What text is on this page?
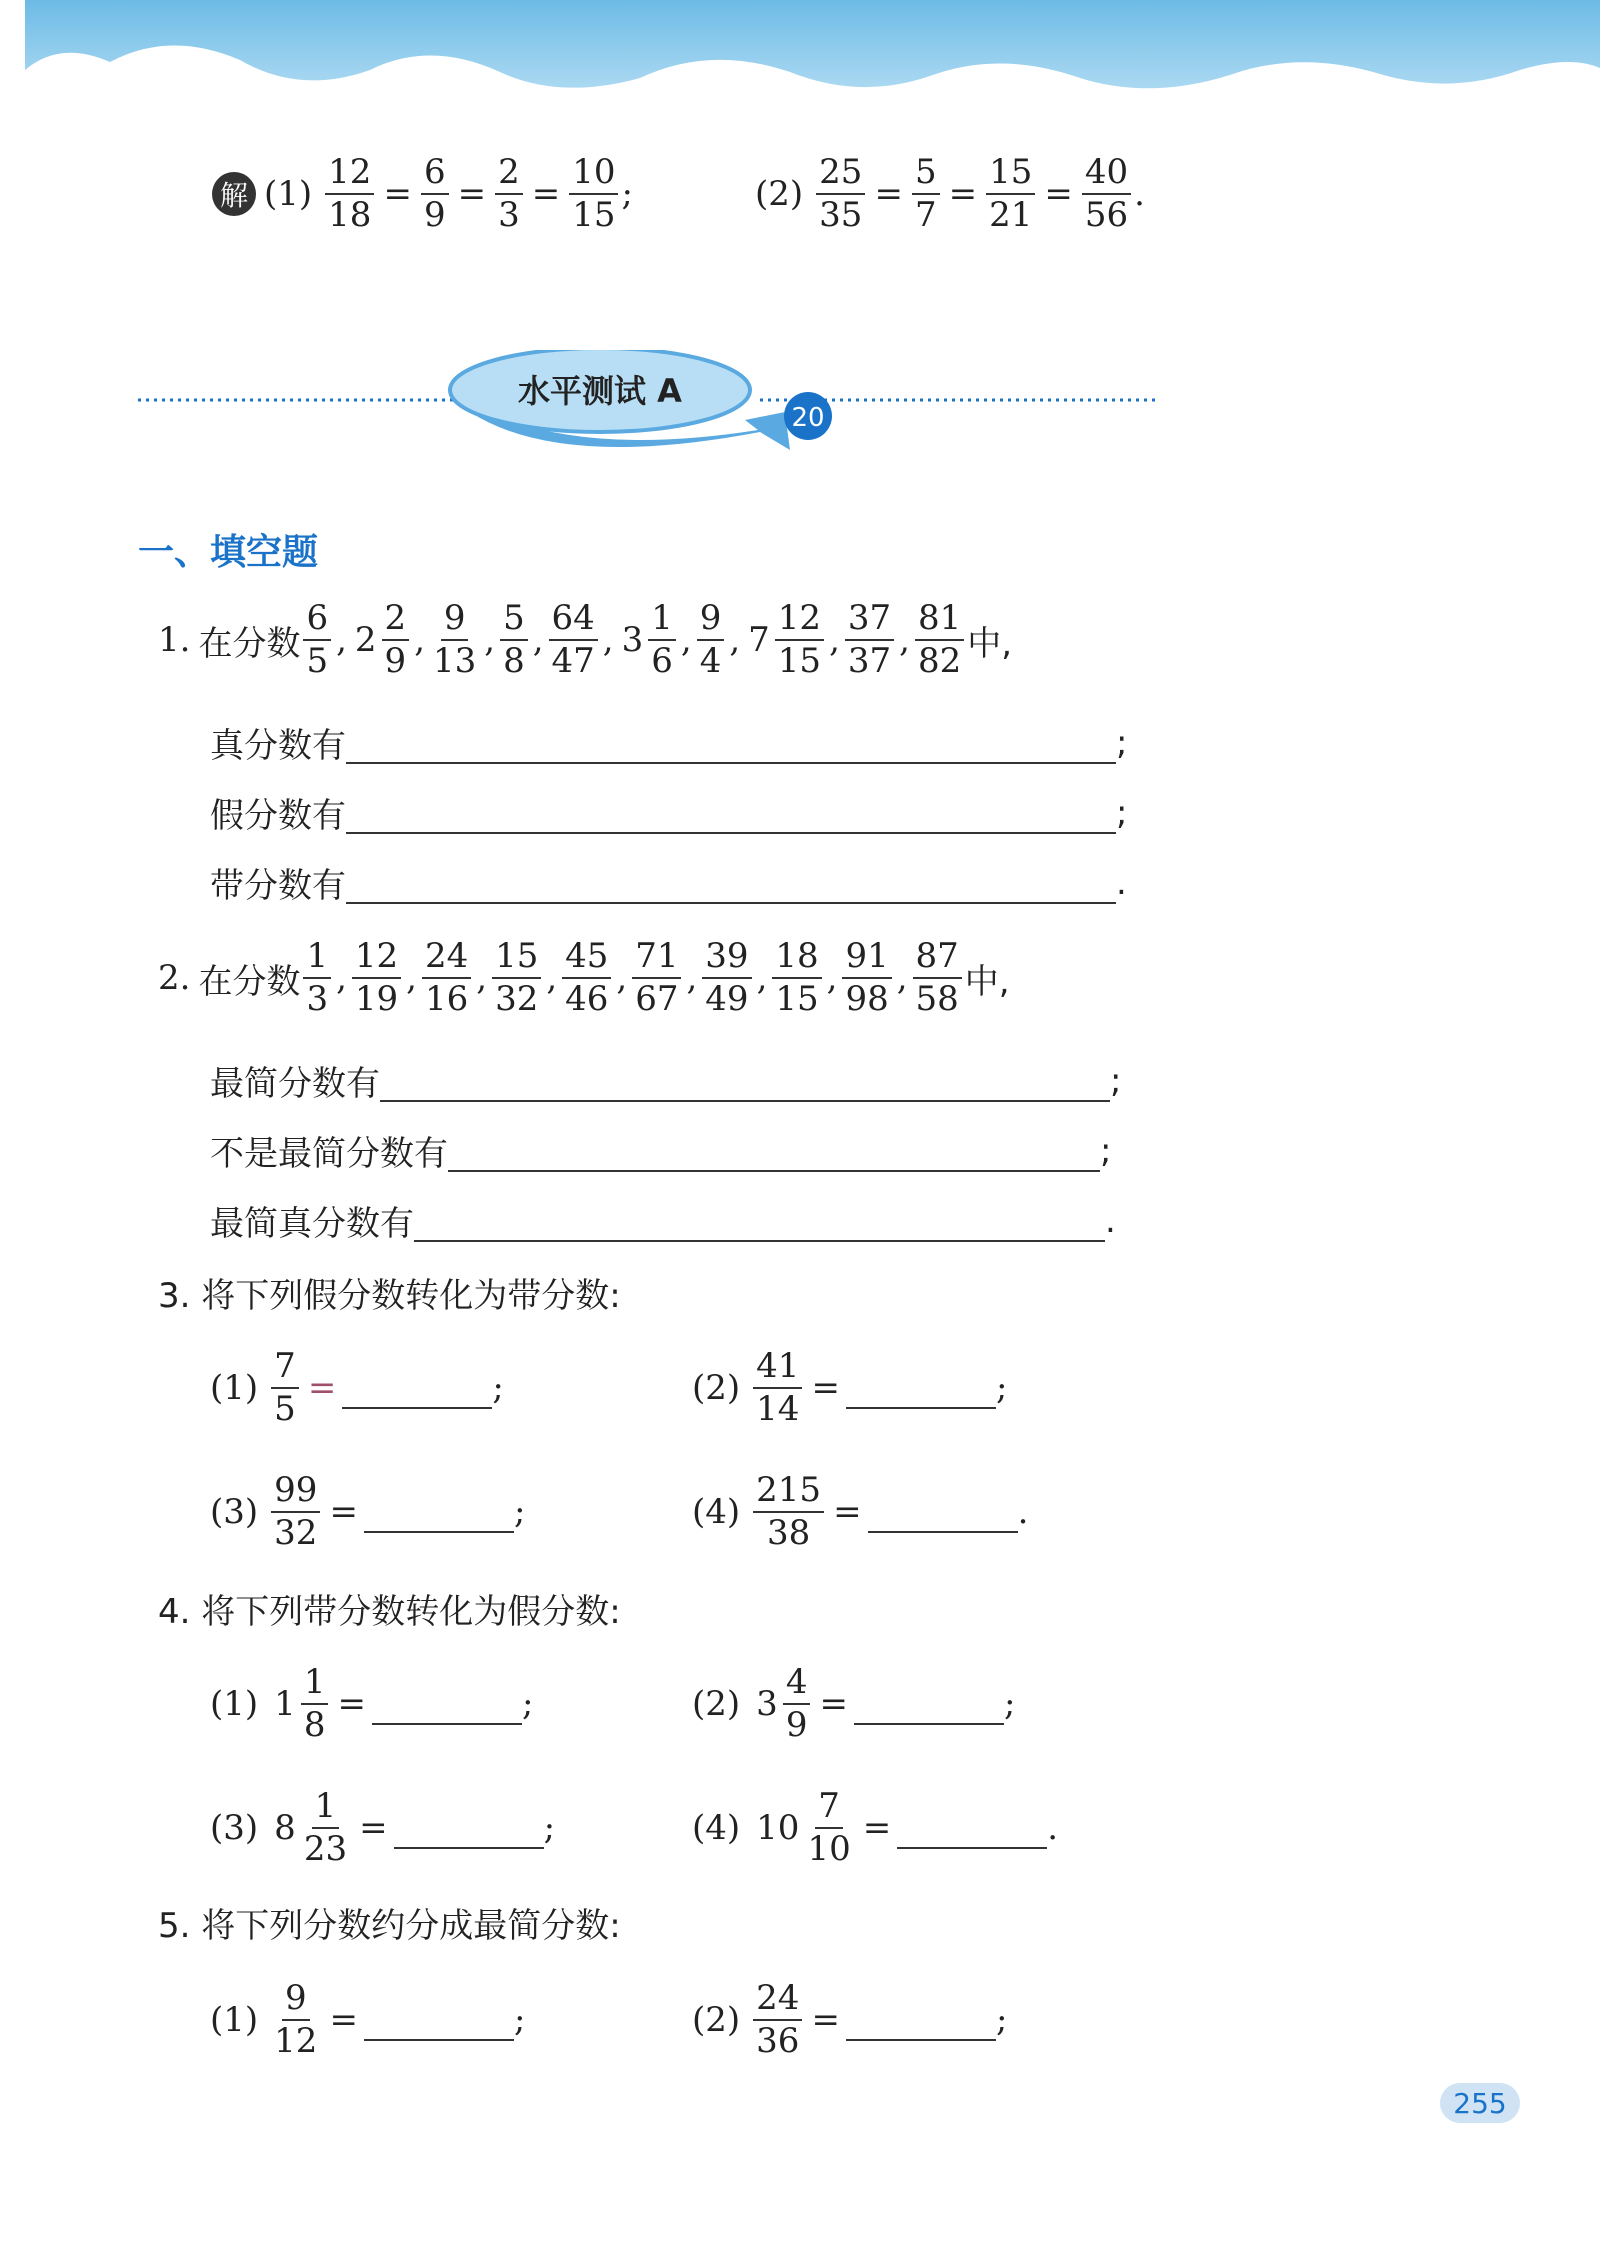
解 $(1) \frac{12}{18} = \frac{6}{9} = \frac{2}{3} = \frac{10}{15}$ ;	$(2) \frac{25}{35} = \frac{5}{7} = \frac{15}{21} = \frac{40}{56}$ .
水平测试 A
20
一、填空题
1. 在分数 $\frac{6}{5}$ , $2 \frac{2}{9}$ , $\frac{9}{13}$ , $\frac{5}{8}$ , $\frac{64}{47}$ , $3 \frac{1}{6}$ , $\frac{9}{4}$ , $7 \frac{12}{15}$ , $\frac{37}{37}$ , $\frac{81}{82}$ 中,
真分数有	;
假分数有	;
带分数有	.
2. 在分数 $\frac{1}{3}$ , $\frac{12}{19}$ , $\frac{24}{16}$ , $\frac{15}{32}$ , $\frac{45}{46}$ , $\frac{71}{67}$ , $\frac{39}{49}$ , $\frac{18}{15}$ , $\frac{91}{98}$ , $\frac{87}{58}$ 中,
最简分数有	;
不是最简分数有	;
最简真分数有	.
3. 将下列假分数转化为带分数:
$(1) \frac{7}{5}$ =	;	$(2) \frac{41}{14}$ =	;
$(3) \frac{99}{32}$ =	;	$(4) \frac{215}{38}$ =	.
4. 将下列带分数转化为假分数:
(1) $1 \frac{1}{8}$ =	;	(2) $3 \frac{4}{9}$ =	;
(3) $8 \frac{1}{23}$ =	;	(4) $10 \frac{7}{10}$ =	.
5. 将下列分数约分成最简分数:
$(1) \frac{9}{12}$ =	;	$(2) \frac{24}{36}$ =	;
255
